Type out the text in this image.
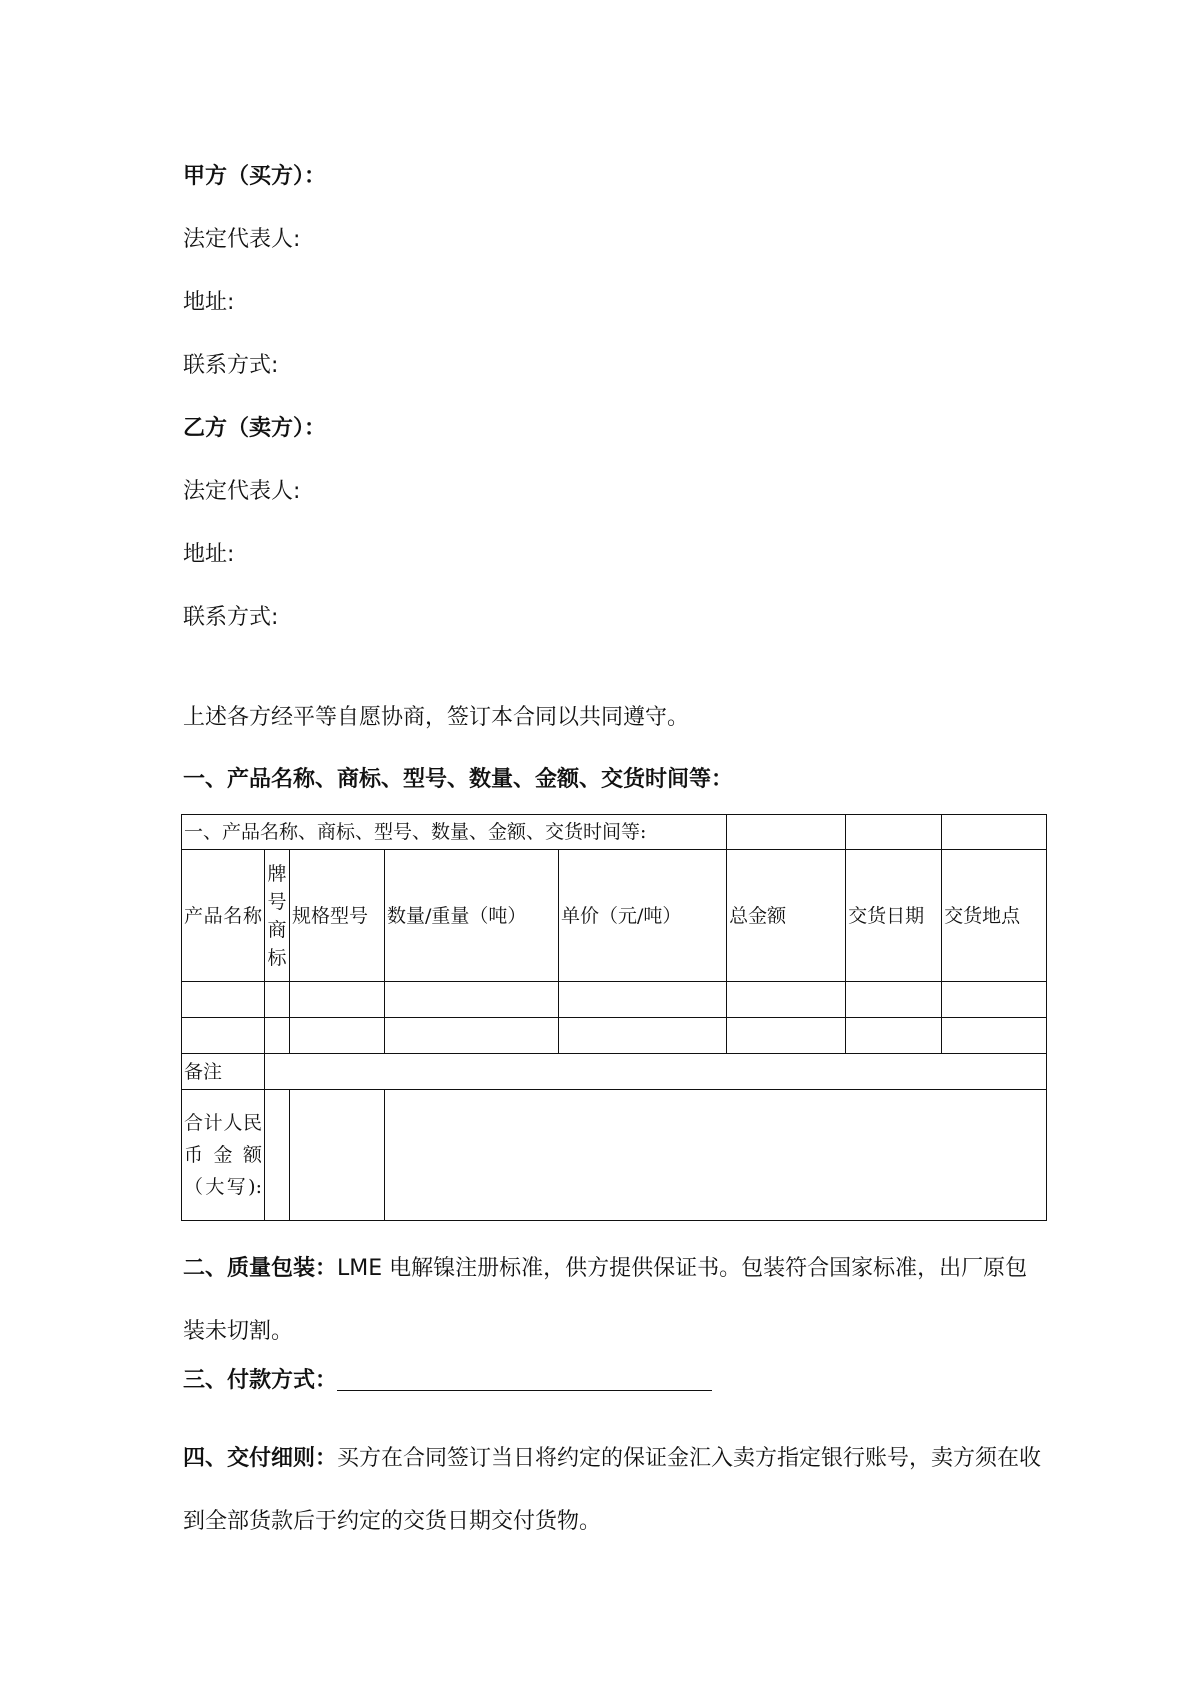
甲方（买方）：
法定代表人:
地址:
联系方式:
乙方（卖方）：
法定代表人:
地址:
联系方式:
上述各方经平等自愿协商，签订本合同以共同遵守。
一、产品名称、商标、型号、数量、金额、交货时间等：
一、产品名称、商标、型号、数量、金额、交货时间等:							
产品名称	牌号商标	规格型号	数量/重量（吨）	单价（元/吨）	总金额	交货日期	交货地点

备注							
合计人民币金额（大写):							
二、质量包装：LME 电解镍注册标准，供方提供保证书。包装符合国家标准，出厂原包装未切割。
三、付款方式：
四、交付细则：买方在合同签订当日将约定的保证金汇入卖方指定银行账号，卖方须在收到全部货款后于约定的交货日期交付货物。
